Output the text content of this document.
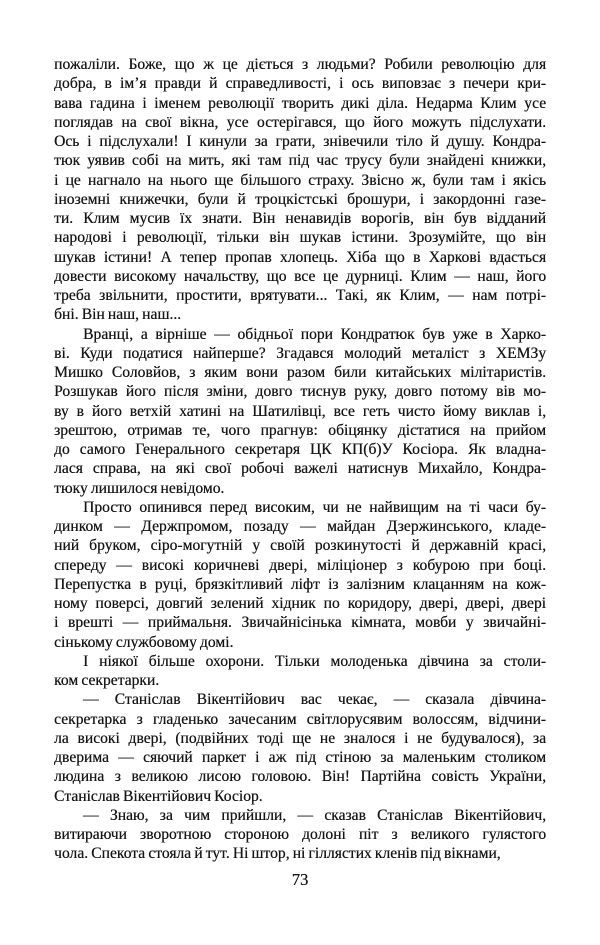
пожаліли. Боже, що ж це діється з людьми? Робили революцію для
добра, в ім’я правди й справедливості, і ось виповзає з печери кри-
вава гадина і іменем революції творить дикі діла. Недарма Клим усе
поглядав на свої вікна, усе остерігався, що його можуть підслухати.
Ось і підслухали! І кинули за грати, знівечили тіло й душу. Кондра-
тюк уявив собі на мить, які там під час трусу були знайдені книжки,
і це нагнало на нього ще більшого страху. Звісно ж, були там і якісь
іноземні книжечки, були й троцкістські брошури, і закордонні газе-
ти. Клим мусив їх знати. Він ненавидів ворогів, він був відданий
народові і революції, тільки він шукав істини. Зрозумійте, що він
шукав істини! А тепер пропав хлопець. Хіба що в Харкові вдасться
довести високому начальству, що все це дурниці. Клим — наш, його
треба звільнити, простити, врятувати... Такі, як Клим, — нам потрі-
бні. Він наш, наш...

Вранці, а вірніше — обідньої пори Кондратюк був уже в Харко-
ві. Куди податися найперше? Згадався молодий металіст з ХЕМЗу
Мишко Соловйов, з яким вони разом били китайських мілітаристів.
Розшукав його після зміни, довго тиснув руку, довго потому вів мо-
ву в його ветхій хатині на Шатилівці, все геть чисто йому виклав і,
зрештою, отримав те, чого прагнув: обіцянку дістатися на прийом
до самого Генерального секретаря ЦК КП(б)У Косіора. Як владна-
лася справа, на які свої робочі важелі натиснув Михайло, Кондра-
тюку лишилося невідомо.

Просто опинився перед високим, чи не найвищим на ті часи бу-
динком — Держпромом, позаду — майдан Дзержинського, кладе-
ний бруком, сіро-могутній у своїй розкинутості й державній красі,
спереду — високі коричневі двері, міліціонер з кобурою при боці.
Перепустка в руці, брязкітливий ліфт із залізним клацанням на кож-
ному поверсі, довгий зелений хідник по коридору, двері, двері, двері
і врешті — приймальня. Звичайнісінька кімната, мовби у звичайні-
сінькому службовому домі.

І ніякої більше охорони. Тільки молоденька дівчина за столи-
ком секретарки.

— Станіслав Вікентійович вас чекає, — сказала дівчина-
секретарка з гладенько зачесаним світлорусявим волоссям, відчини-
ла високі двері, (подвійних тоді ще не зналося і не будувалося), за
дверима — сяючий паркет і аж під стіною за маленьким столиком
людина з великою лисою головою. Він! Партійна совість України,
Станіслав Вікентійович Косіор.

— Знаю, за чим прийшли, — сказав Станіслав Вікентійович,
витираючи зворотною стороною долоні піт з великого гулястого
чола. Спекота стояла й тут. Ні штор, ні гіллястих кленів під вікнами,

73
